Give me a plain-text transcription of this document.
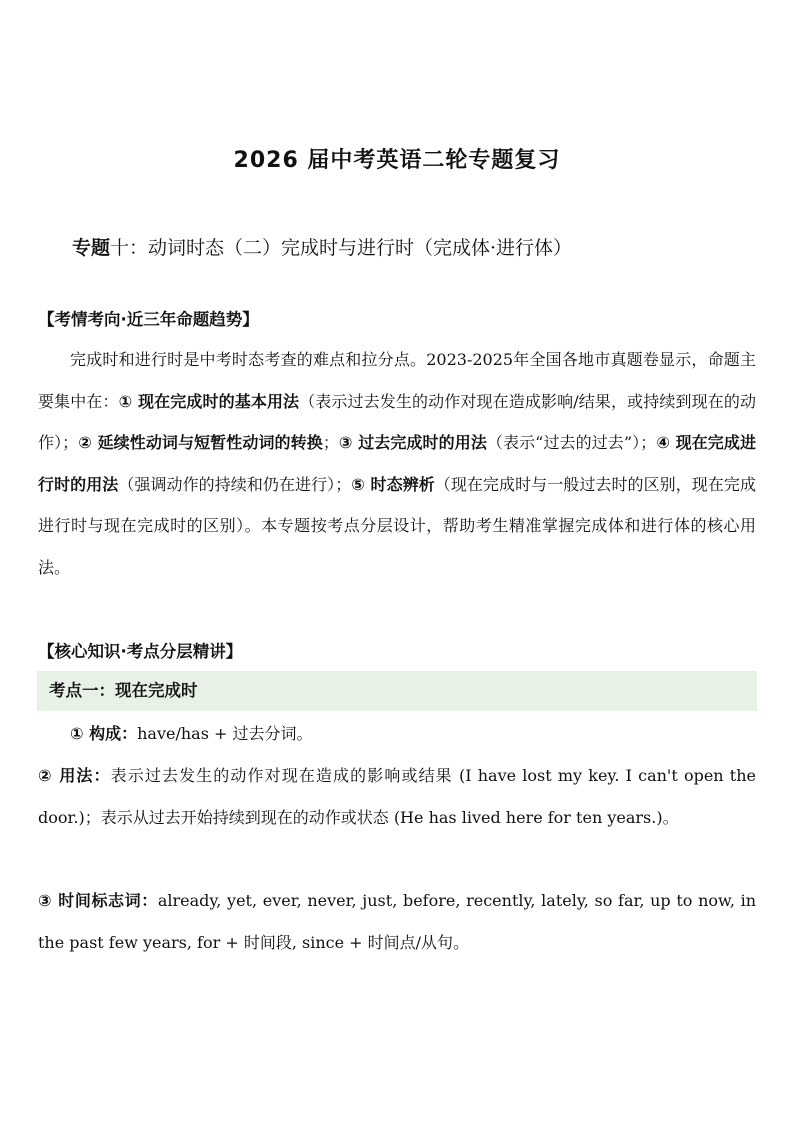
2026 届中考英语二轮专题复习
专题十：动词时态（二）完成时与进行时（完成体·进行体）
【考情考向·近三年命题趋势】
完成时和进行时是中考时态考查的难点和拉分点。2023-2025年全国各地市真题卷显示，命题主要集中在：① 现在完成时的基本用法（表示过去发生的动作对现在造成影响/结果，或持续到现在的动作）；② 延续性动词与短暂性动词的转换；③ 过去完成时的用法（表示“过去的过去”）；④ 现在完成进行时的用法（强调动作的持续和仍在进行）；⑤ 时态辨析（现在完成时与一般过去时的区别，现在完成进行时与现在完成时的区别）。本专题按考点分层设计，帮助考生精准掌握完成体和进行体的核心用法。
【核心知识·考点分层精讲】
考点一：现在完成时
① 构成：have/has + 过去分词。
② 用法：表示过去发生的动作对现在造成的影响或结果 (I have lost my key. I can't open the door.)；表示从过去开始持续到现在的动作或状态 (He has lived here for ten years.)。
③ 时间标志词：already, yet, ever, never, just, before, recently, lately, so far, up to now, in the past few years, for + 时间段, since + 时间点/从句。
